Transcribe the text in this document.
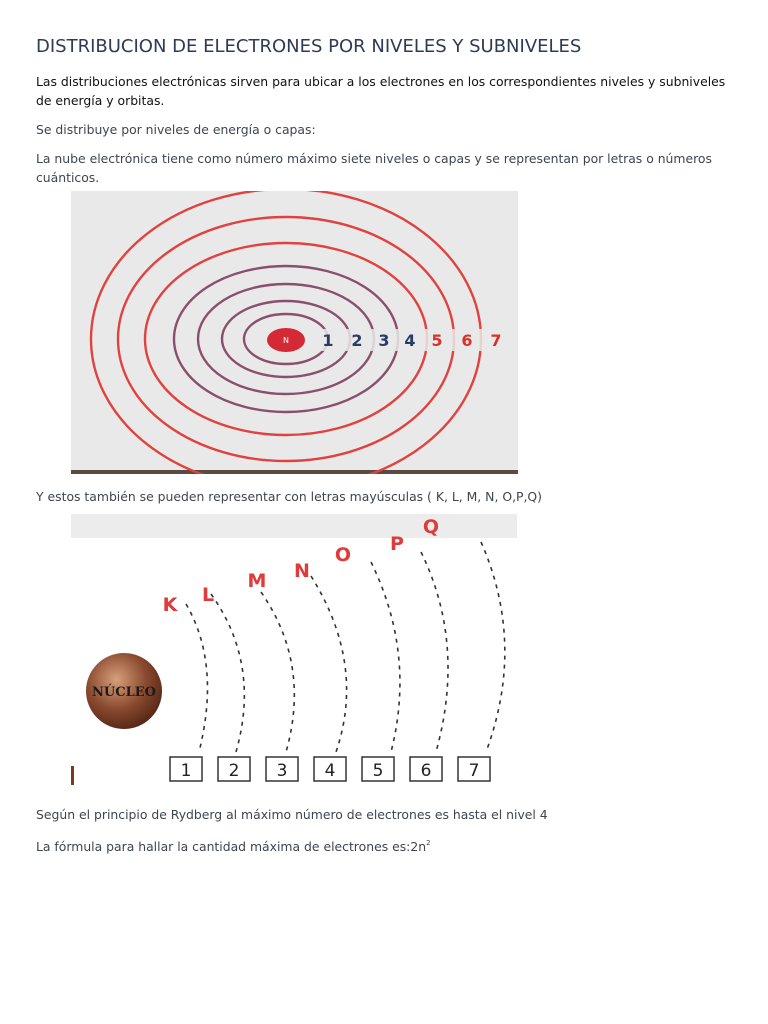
DISTRIBUCION DE ELECTRONES POR NIVELES Y SUBNIVELES

Las distribuciones electrónicas sirven para ubicar a los electrones en los correspondientes niveles y subniveles de energía y orbitas.

Se distribuye por niveles de energía o capas:

La nube electrónica tiene como número máximo siete niveles o capas y se representan por letras o números cuánticos.

N 1 2 3 4 5 6 7

Y estos también se pueden representar con letras mayúsculas ( K, L, M, N, O,P,Q)

K L
M N
O P
Q
NÚCLEO
1 2 3 4 5 6 7

Según el principio de Rydberg al máximo número de electrones es hasta el nivel 4

La fórmula para hallar la cantidad máxima de electrones $es:2n^2$
